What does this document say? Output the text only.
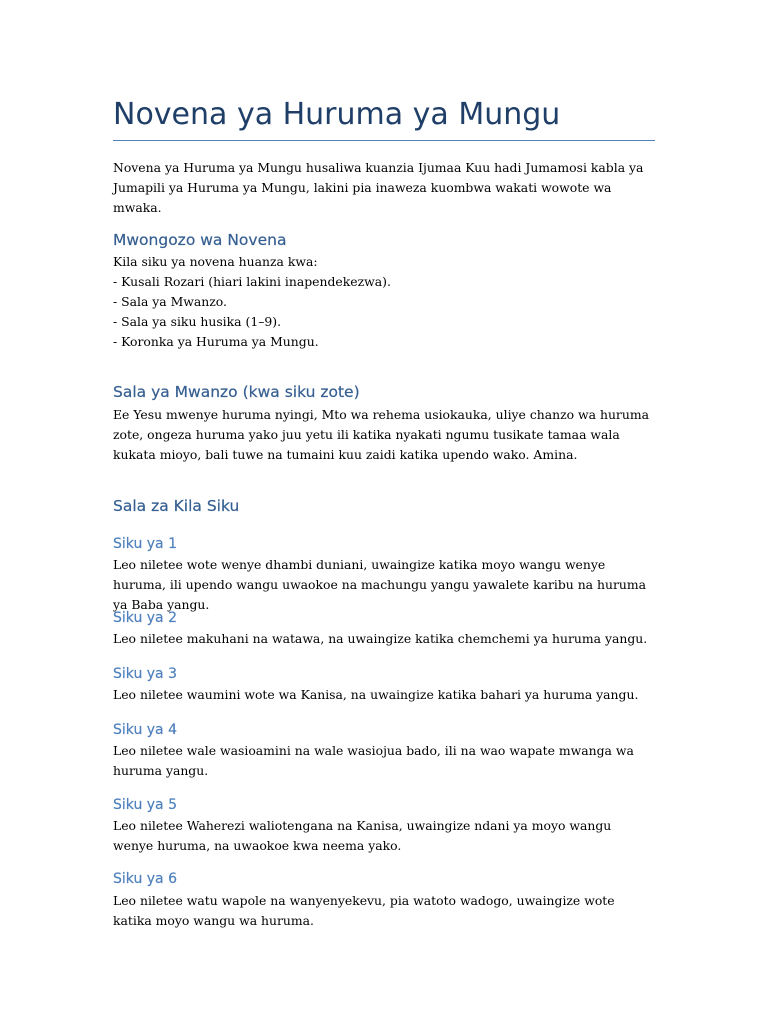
Novena ya Huruma ya Mungu

Novena ya Huruma ya Mungu husaliwa kuanzia Ijumaa Kuu hadi Jumamosi kabla ya Jumapili ya Huruma ya Mungu, lakini pia inaweza kuombwa wakati wowote wa mwaka.

Mwongozo wa Novena
Kila siku ya novena huanza kwa:
- Kusali Rozari (hiari lakini inapendekezwa).
- Sala ya Mwanzo.
- Sala ya siku husika (1–9).
- Koronka ya Huruma ya Mungu.
Sala ya Mwanzo (kwa siku zote)

Ee Yesu mwenye huruma nyingi, Mto wa rehema usiokauka, uliye chanzo wa huruma zote, ongeza huruma yako juu yetu ili katika nyakati ngumu tusikate tamaa wala kukata mioyo, bali tuwe na tumaini kuu zaidi katika upendo wako. Amina.

Sala za Kila Siku
Siku ya 1

Leo niletee wote wenye dhambi duniani, uwaingize katika moyo wangu wenye huruma, ili upendo wangu uwaokoe na machungu yangu yawalete karibu na huruma ya Baba yangu.

Siku ya 2

Leo niletee makuhani na watawa, na uwaingize katika chemchemi ya huruma yangu.

Siku ya 3

Leo niletee waumini wote wa Kanisa, na uwaingize katika bahari ya huruma yangu.

Siku ya 4

Leo niletee wale wasioamini na wale wasiojua bado, ili na wao wapate mwanga wa huruma yangu.

Siku ya 5

Leo niletee Waherezi waliotengana na Kanisa, uwaingize ndani ya moyo wangu wenye huruma, na uwaokoe kwa neema yako.

Siku ya 6

Leo niletee watu wapole na wanyenyekevu, pia watoto wadogo, uwaingize wote katika moyo wangu wa huruma.
